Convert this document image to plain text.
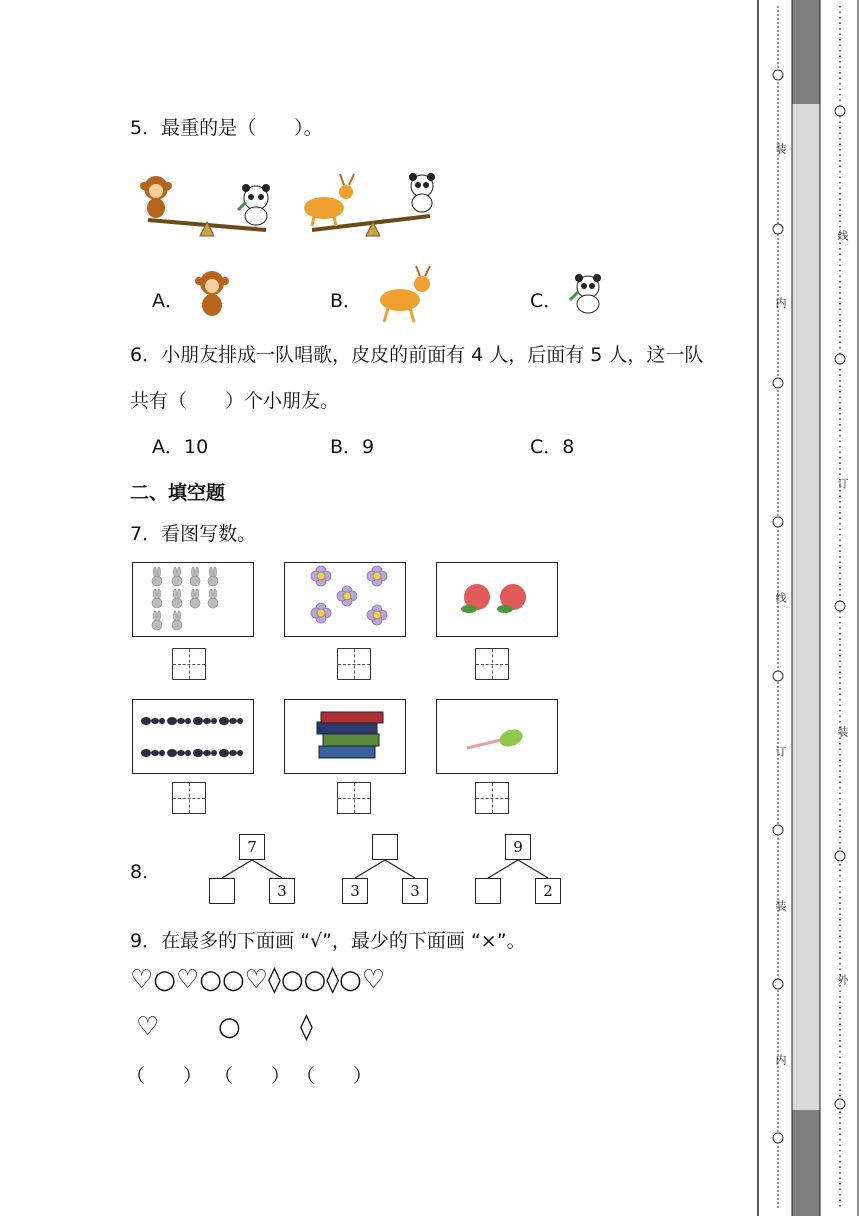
5．最重的是（　　）。
A．	B．	C．
6．小朋友排成一队唱歌，皮皮的前面有 4 人，后面有 5 人，这一队
共有（　　）个小朋友。
A．10	B．9	C．8
二、填空题
7．看图写数。
8．
7
3	3	3
9
2
9．在最多的下面画 “√”，最少的下面画 “×”。
♡○♡○○♡◊○○◊○♡
♡ ○ ◊
（　　） （　　） （　　）
装
内
线
订
装
内
线
订
装
外
